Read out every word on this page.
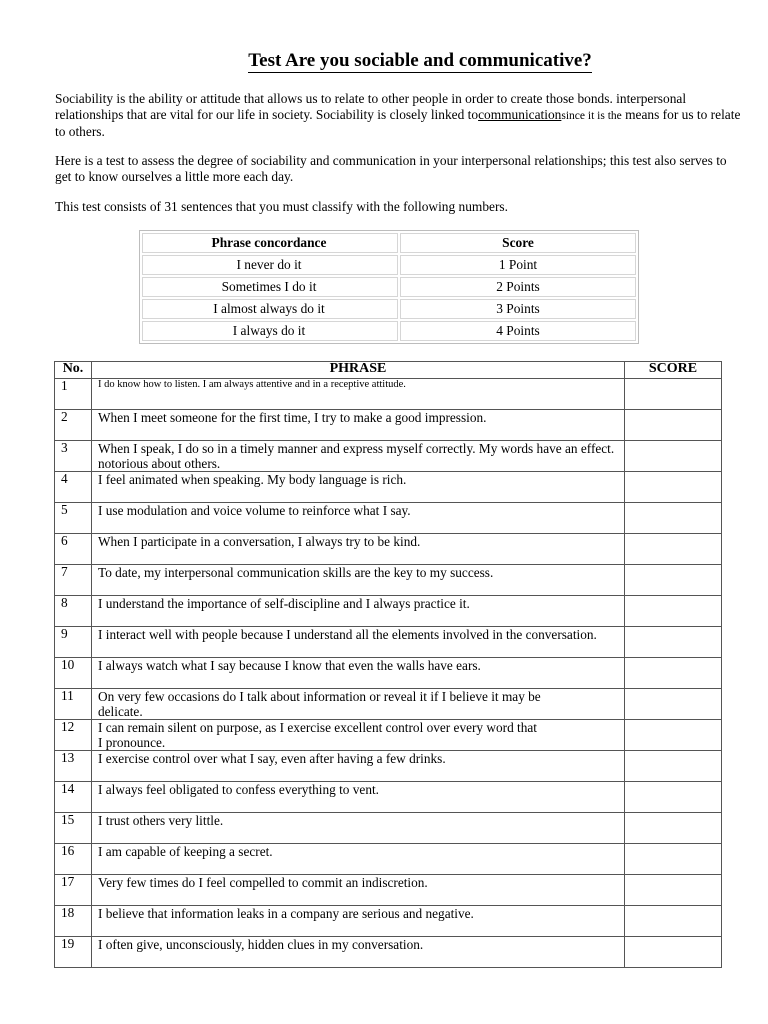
Test Are you sociable and communicative?
Sociability is the ability or attitude that allows us to relate to other people in order to create those bonds. interpersonal relationships that are vital for our life in society. Sociability is closely linked tocommunicationsince it is the means for us to relate to others.
Here is a test to assess the degree of sociability and communication in your interpersonal relationships; this test also serves to get to know ourselves a little more each day.
This test consists of 31 sentences that you must classify with the following numbers.
Phrase concordance	Score
I never do it	1 Point
Sometimes I do it	2 Points
I almost always do it	3 Points
I always do it	4 Points
No.	PHRASE	SCORE
1	I do know how to listen. I am always attentive and in a receptive attitude.	

2	When I meet someone for the first time, I try to make a good impression.	

3	When I speak, I do so in a timely manner and express myself correctly. My words have an effect.
notorious about others.	

4	I feel animated when speaking. My body language is rich.	

5	I use modulation and voice volume to reinforce what I say.	

6	When I participate in a conversation, I always try to be kind.	

7	To date, my interpersonal communication skills are the key to my success.	

8	I understand the importance of self-discipline and I always practice it.	

9	I interact well with people because I understand all the elements involved in the conversation.	

10	I always watch what I say because I know that even the walls have ears.	

11	On very few occasions do I talk about information or reveal it if I believe it may be
delicate.	

12	I can remain silent on purpose, as I exercise excellent control over every word that
I pronounce.	

13	I exercise control over what I say, even after having a few drinks.	

14	I always feel obligated to confess everything to vent.	

15	I trust others very little.	

16	I am capable of keeping a secret.	

17	Very few times do I feel compelled to commit an indiscretion.	

18	I believe that information leaks in a company are serious and negative.	

19	I often give, unconsciously, hidden clues in my conversation.	
